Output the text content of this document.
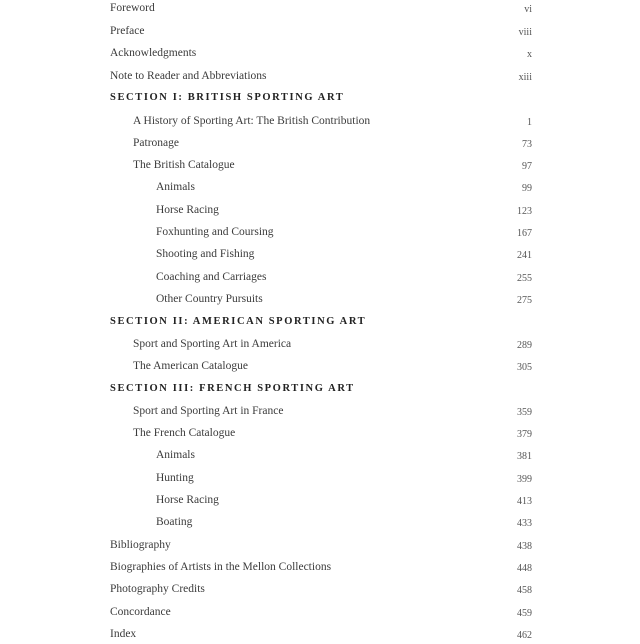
Foreword	vi
Preface	viii
Acknowledgments	x
Note to Reader and Abbreviations	xiii
SECTION I: BRITISH SPORTING ART
A History of Sporting Art: The British Contribution	1
Patronage	73
The British Catalogue	97
Animals	99
Horse Racing	123
Foxhunting and Coursing	167
Shooting and Fishing	241
Coaching and Carriages	255
Other Country Pursuits	275
SECTION II: AMERICAN SPORTING ART
Sport and Sporting Art in America	289
The American Catalogue	305
SECTION III: FRENCH SPORTING ART
Sport and Sporting Art in France	359
The French Catalogue	379
Animals	381
Hunting	399
Horse Racing	413
Boating	433
Bibliography	438
Biographies of Artists in the Mellon Collections	448
Photography Credits	458
Concordance	459
Index	462
